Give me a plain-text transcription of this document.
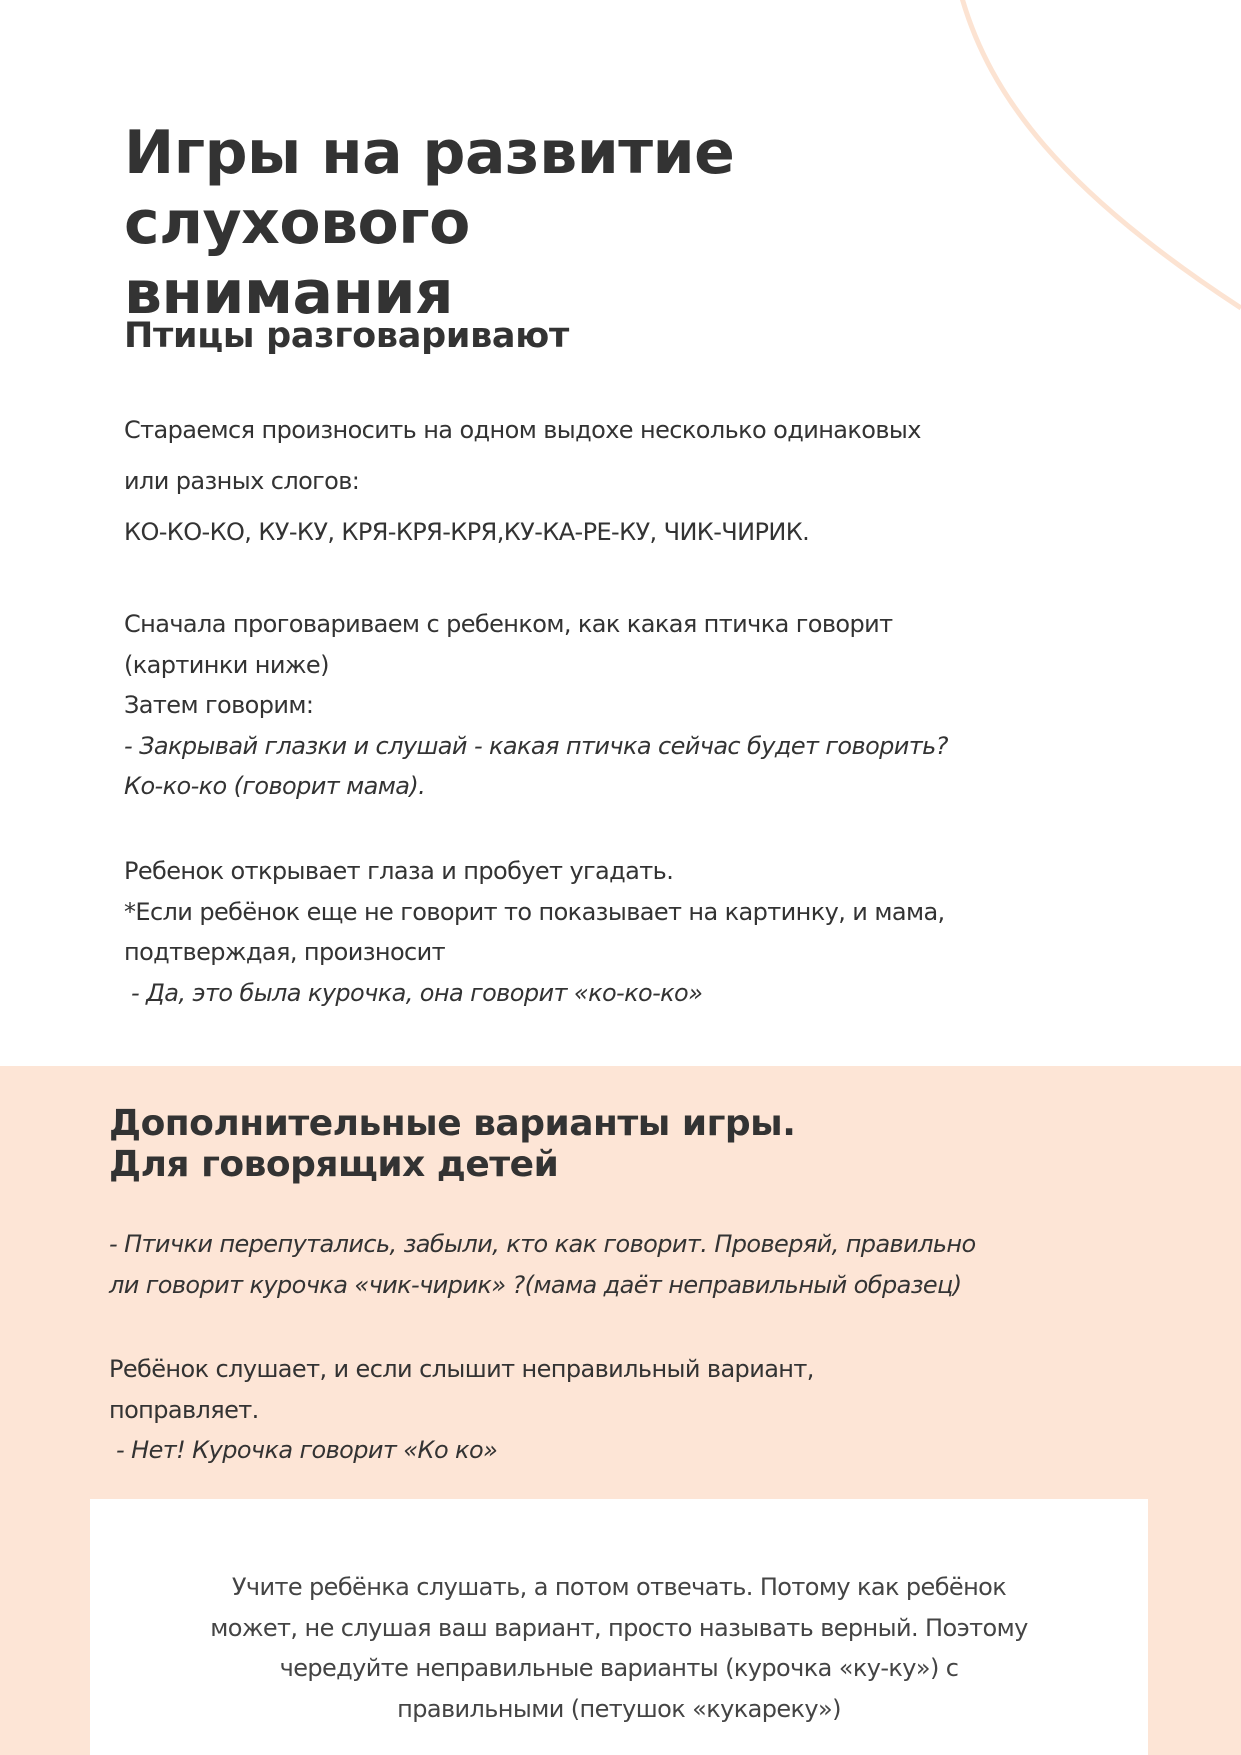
Игры на развитие слухового
внимания
Птицы разговаривают

Стараемся произносить на одном выдохе несколько одинаковых
или разных слогов:
КО-КО-КО, КУ-КУ, КРЯ-КРЯ-КРЯ,КУ-КА-РЕ-КУ, ЧИК-ЧИРИК.

Сначала проговариваем с ребенком, как какая птичка говорит
(картинки ниже)
Затем говорим:
- Закрывай глазки и слушай - какая птичка сейчас будет говорить?
Ко-ко-ко (говорит мама).

Ребенок открывает глаза и пробует угадать.
*Если ребёнок еще не говорит то показывает на картинку, и мама,
подтверждая, произносит
- Да, это была курочка, она говорит «ко-ко-ко»

Дополнительные варианты игры.
Для говорящих детей

- Птички перепутались, забыли, кто как говорит. Проверяй, правильно
ли говорит курочка «чик-чирик» ?(мама даёт неправильный образец)

Ребёнок слушает, и если слышит неправильный вариант,
поправляет.
- Нет! Курочка говорит «Ко ко»

Учите ребёнка слушать, а потом отвечать. Потому как ребёнок
может, не слушая ваш вариант, просто называть верный. Поэтому
чередуйте неправильные варианты (курочка «ку-ку») с
правильными (петушок «кукареку»)
